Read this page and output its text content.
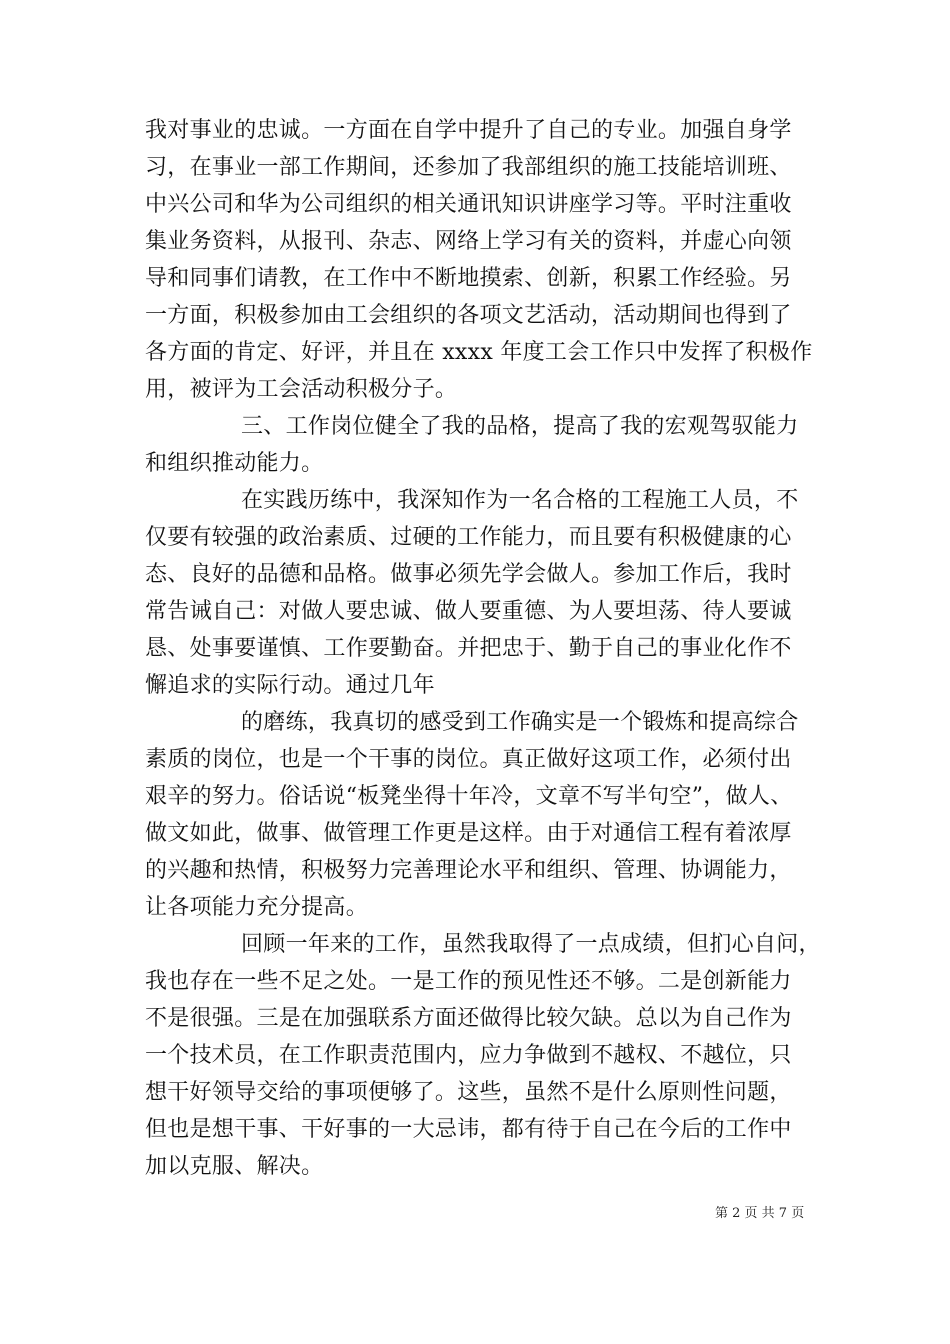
我对事业的忠诚。一方面在自学中提升了自己的专业。加强自身学
习，在事业一部工作期间，还参加了我部组织的施工技能培训班、
中兴公司和华为公司组织的相关通讯知识讲座学习等。平时注重收
集业务资料，从报刊、杂志、网络上学习有关的资料，并虚心向领
导和同事们请教，在工作中不断地摸索、创新，积累工作经验。另
一方面，积极参加由工会组织的各项文艺活动，活动期间也得到了
各方面的肯定、好评，并且在 xxxx 年度工会工作只中发挥了积极作
用，被评为工会活动积极分子。
三、工作岗位健全了我的品格，提高了我的宏观驾驭能力
和组织推动能力。
在实践历练中，我深知作为一名合格的工程施工人员，不
仅要有较强的政治素质、过硬的工作能力，而且要有积极健康的心
态、良好的品德和品格。做事必须先学会做人。参加工作后，我时
常告诫自己：对做人要忠诚、做人要重德、为人要坦荡、待人要诚
恳、处事要谨慎、工作要勤奋。并把忠于、勤于自己的事业化作不
懈追求的实际行动。通过几年
的磨练，我真切的感受到工作确实是一个锻炼和提高综合
素质的岗位，也是一个干事的岗位。真正做好这项工作，必须付出
艰辛的努力。俗话说“板凳坐得十年冷，文章不写半句空”，做人、
做文如此，做事、做管理工作更是这样。由于对通信工程有着浓厚
的兴趣和热情，积极努力完善理论水平和组织、管理、协调能力，
让各项能力充分提高。
回顾一年来的工作，虽然我取得了一点成绩，但扪心自问，
我也存在一些不足之处。一是工作的预见性还不够。二是创新能力
不是很强。三是在加强联系方面还做得比较欠缺。总以为自己作为
一个技术员，在工作职责范围内，应力争做到不越权、不越位，只
想干好领导交给的事项便够了。这些，虽然不是什么原则性问题，
但也是想干事、干好事的一大忌讳，都有待于自己在今后的工作中
加以克服、解决。
第 2 页 共 7 页
